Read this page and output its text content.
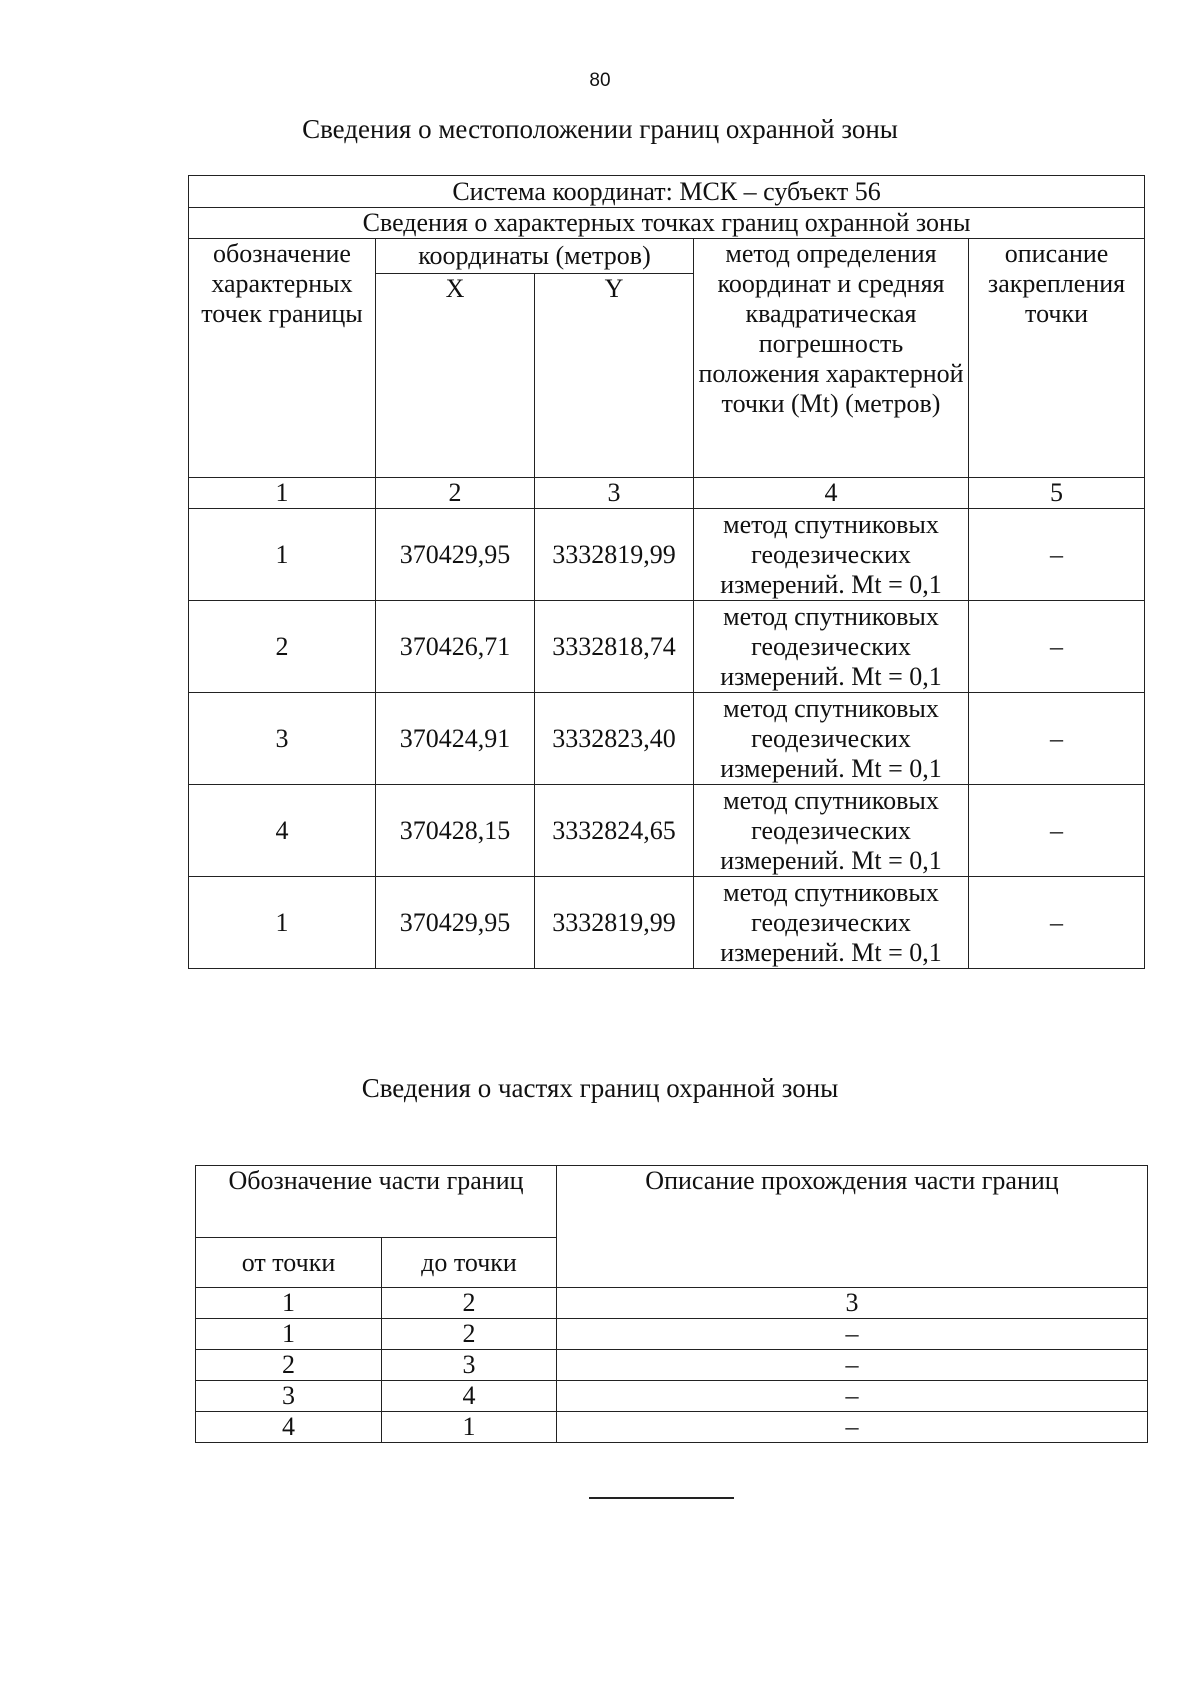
80
Сведения о местоположении границ охранной зоны
Система координат: МСК – субъект 56				
Сведения о характерных точках границ охранной зоны				
обозначение характерных точек границы	координаты (метров)		метод определения координат и средняя квадратическая погрешность положения характерной точки (Mt) (метров)	описание закрепления точки
	X	Y		
1	2	3	4	5
1	370429,95	3332819,99	метод спутниковых геодезических измерений. Mt = 0,1	–
2	370426,71	3332818,74	метод спутниковых геодезических измерений. Mt = 0,1	–
3	370424,91	3332823,40	метод спутниковых геодезических измерений. Mt = 0,1	–
4	370428,15	3332824,65	метод спутниковых геодезических измерений. Mt = 0,1	–
1	370429,95	3332819,99	метод спутниковых геодезических измерений. Mt = 0,1	–
Сведения о частях границ охранной зоны
Обозначение части границ		Описание прохождения части границ
от точки	до точки	
1	2	3
1	2	–
2	3	–
3	4	–
4	1	–
